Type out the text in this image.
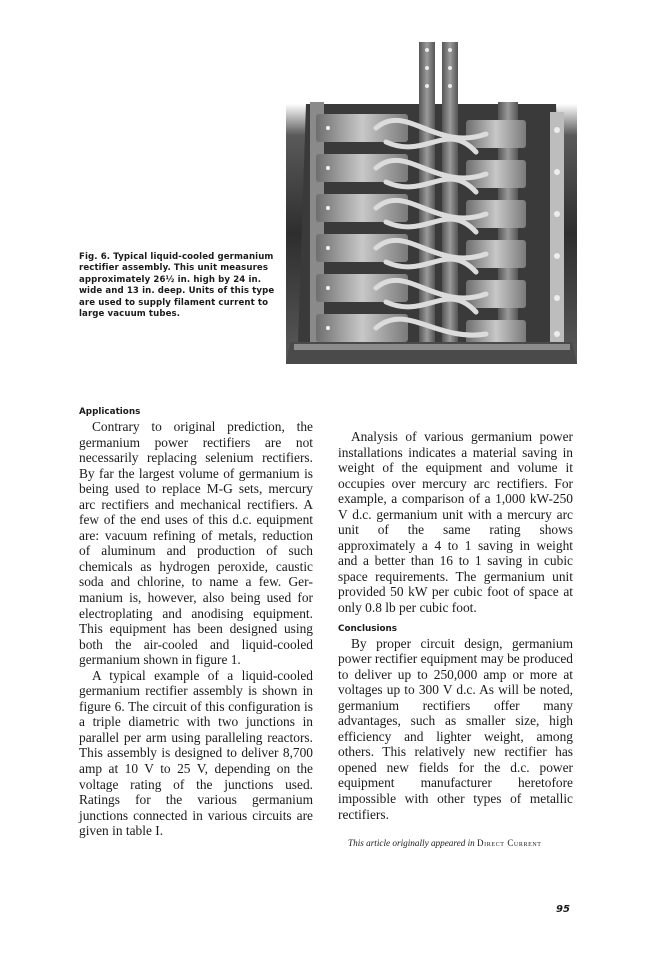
Fig. 6. Typical liquid-cooled germanium rectifier assembly. This unit measures approximately 26½ in. high by 24 in. wide and 13 in. deep. Units of this type are used to supply filament current to large vacuum tubes.

Applications

Contrary to original prediction, the germanium power rectifiers are not necessarily replacing selenium rectifiers. By far the largest volume of germanium is being used to replace M-G sets, mercury arc rectifiers and mechanical rectifiers. A few of the end uses of this d.c. equipment are: vacuum refining of metals, reduction of aluminum and production of such chemicals as hydrogen peroxide, caustic soda and chlorine, to name a few. Germanium is, however, also being used for electroplating and anodising equipment. This equipment has been designed using both the air-cooled and liquid-cooled germanium shown in figure 1.

A typical example of a liquid-cooled germanium rectifier assembly is shown in figure 6. The circuit of this configuration is a triple diametric with two junctions in parallel per arm using paralleling reactors. This assembly is designed to deliver 8,700 amp at 10 V to 25 V, depending on the voltage rating of the junctions used. Ratings for the various germanium junctions connected in various circuits are given in table I.

Analysis of various germanium power installations indicates a material saving in weight of the equipment and volume it occupies over mercury arc rectifiers. For example, a comparison of a 1,000 kW-250 V d.c. germanium unit with a mercury arc unit of the same rating shows approximately a 4 to 1 saving in weight and a better than 16 to 1 saving in cubic space requirements. The germanium unit provided 50 kW per cubic foot of space at only 0.8 lb per cubic foot.

Conclusions

By proper circuit design, germanium power rectifier equipment may be produced to deliver up to 250,000 amp or more at voltages up to 300 V d.c. As will be noted, germanium rectifiers offer many advantages, such as smaller size, high efficiency and lighter weight, among others. This relatively new rectifier has opened new fields for the d.c. power equipment manufacturer heretofore impossible with other types of metallic rectifiers.

This article originally appeared in Direct Current

95
